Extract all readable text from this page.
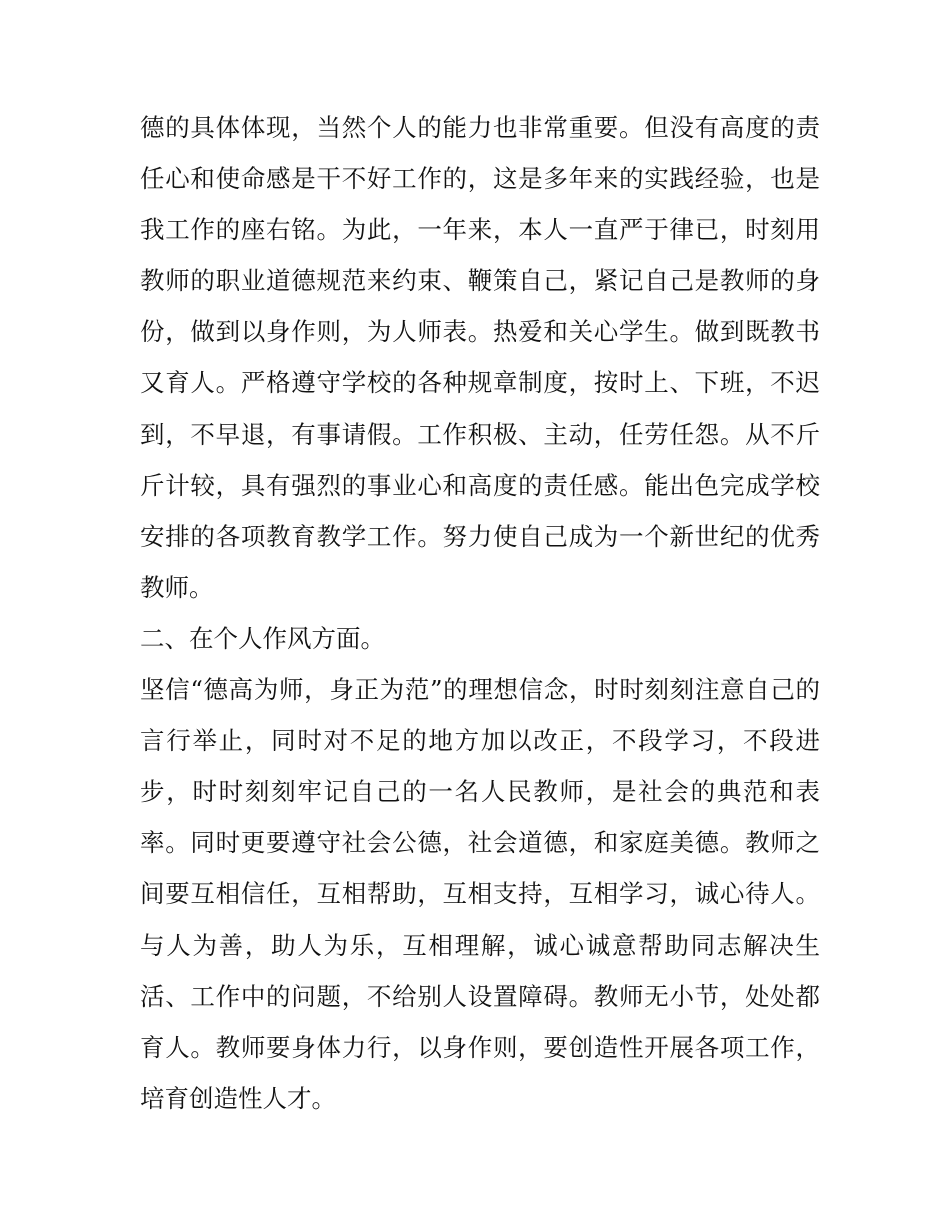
德的具体体现，当然个人的能力也非常重要。但没有高度的责
任心和使命感是干不好工作的，这是多年来的实践经验，也是
我工作的座右铭。为此，一年来，本人一直严于律已，时刻用
教师的职业道德规范来约束、鞭策自己，紧记自己是教师的身
份，做到以身作则，为人师表。热爱和关心学生。做到既教书
又育人。严格遵守学校的各种规章制度，按时上、下班，不迟
到，不早退，有事请假。工作积极、主动，任劳任怨。从不斤
斤计较，具有强烈的事业心和高度的责任感。能出色完成学校
安排的各项教育教学工作。努力使自己成为一个新世纪的优秀
教师。
二、在个人作风方面。
坚信“德高为师，身正为范”的理想信念，时时刻刻注意自己的
言行举止，同时对不足的地方加以改正，不段学习，不段进
步，时时刻刻牢记自己的一名人民教师，是社会的典范和表
率。同时更要遵守社会公德，社会道德，和家庭美德。教师之
间要互相信任，互相帮助，互相支持，互相学习，诚心待人。
与人为善，助人为乐，互相理解，诚心诚意帮助同志解决生
活、工作中的问题，不给别人设置障碍。教师无小节，处处都
育人。教师要身体力行，以身作则，要创造性开展各项工作，
培育创造性人才。
